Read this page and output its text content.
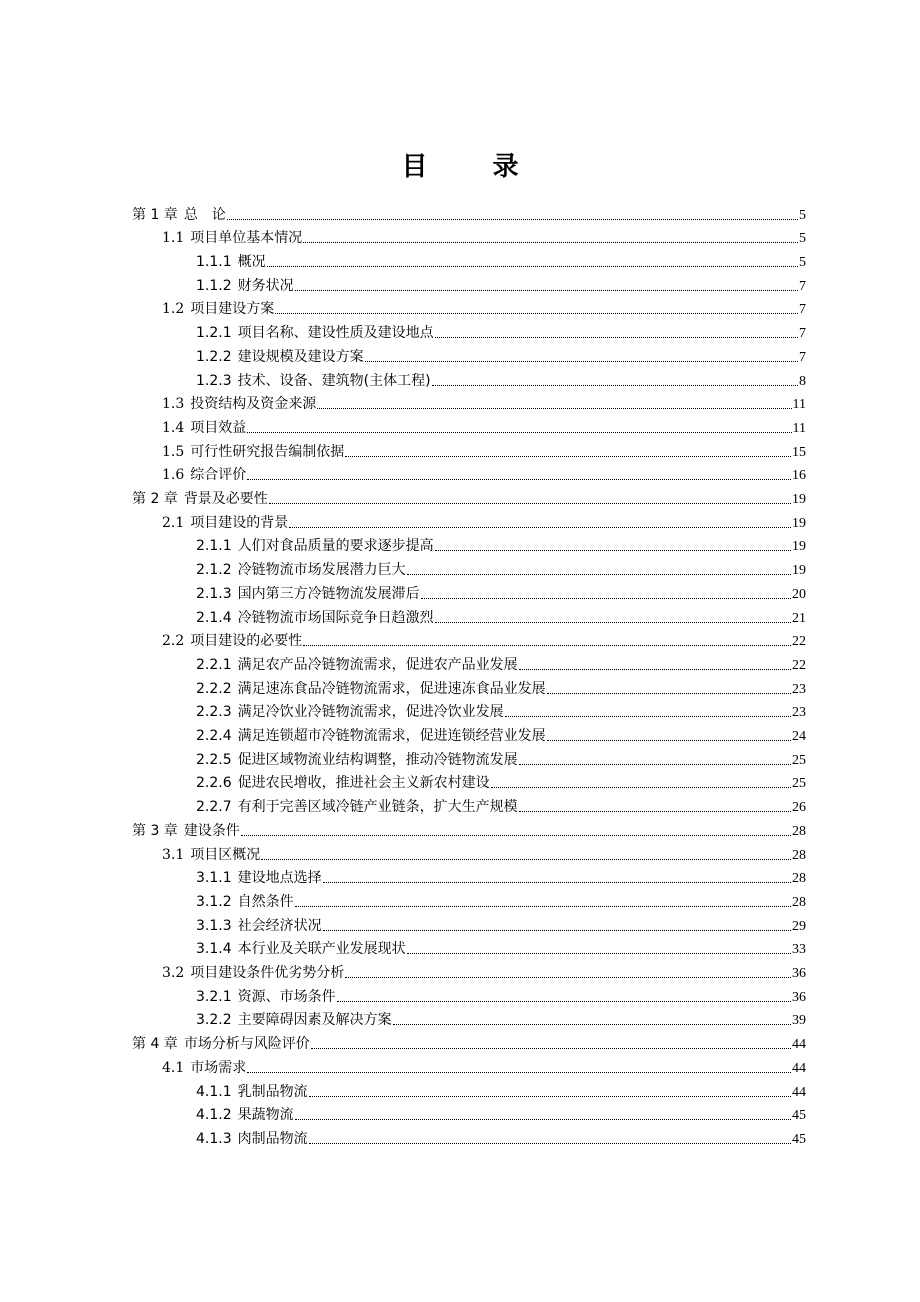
目 录
第 1 章 总　论	5
1.1 项目单位基本情况	5
1.1.1 概况	5
1.1.2 财务状况	7
1.2 项目建设方案	7
1.2.1 项目名称、建设性质及建设地点	7
1.2.2 建设规模及建设方案	7
1.2.3 技术、设备、建筑物(主体工程)	8
1.3 投资结构及资金来源	11
1.4 项目效益	11
1.5 可行性研究报告编制依据	15
1.6 综合评价	16
第 2 章 背景及必要性	19
2.1 项目建设的背景	19
2.1.1 人们对食品质量的要求逐步提高	19
2.1.2 冷链物流市场发展潜力巨大	19
2.1.3 国内第三方冷链物流发展滞后	20
2.1.4 冷链物流市场国际竞争日趋激烈	21
2.2 项目建设的必要性	22
2.2.1 满足农产品冷链物流需求，促进农产品业发展	22
2.2.2 满足速冻食品冷链物流需求，促进速冻食品业发展	23
2.2.3 满足冷饮业冷链物流需求，促进冷饮业发展	23
2.2.4 满足连锁超市冷链物流需求，促进连锁经营业发展	24
2.2.5 促进区域物流业结构调整，推动冷链物流发展	25
2.2.6 促进农民增收，推进社会主义新农村建设	25
2.2.7 有利于完善区域冷链产业链条，扩大生产规模	26
第 3 章 建设条件	28
3.1 项目区概况	28
3.1.1 建设地点选择	28
3.1.2 自然条件	28
3.1.3 社会经济状况	29
3.1.4 本行业及关联产业发展现状	33
3.2 项目建设条件优劣势分析	36
3.2.1 资源、市场条件	36
3.2.2 主要障碍因素及解决方案	39
第 4 章 市场分析与风险评价	44
4.1 市场需求	44
4.1.1 乳制品物流	44
4.1.2 果蔬物流	45
4.1.3 肉制品物流	45
